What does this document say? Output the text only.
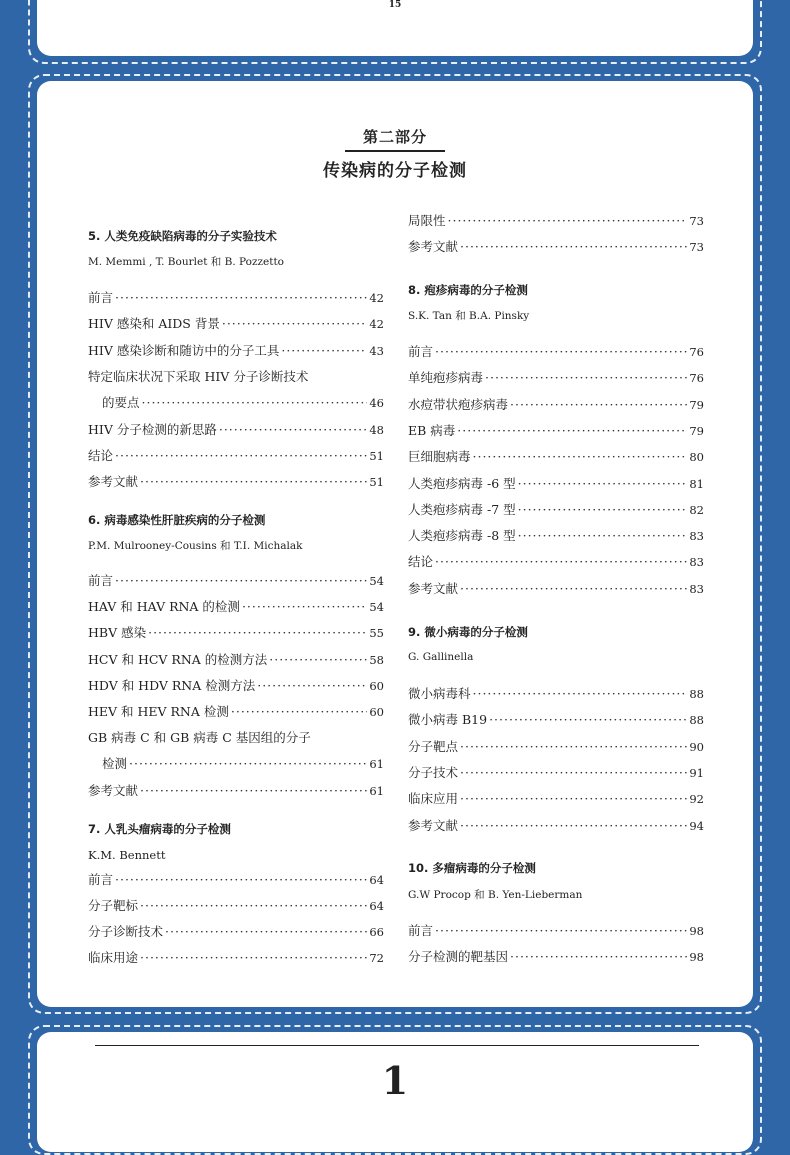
15
第二部分
传染病的分子检测
5. 人类免疫缺陷病毒的分子实验技术
M. Memmi , T. Bourlet 和 B. Pozzetto
前言 ·····	42
HIV 感染和 AIDS 背景 ·····	42
HIV 感染诊断和随访中的分子工具 ·····	43
特定临床状况下采取 HIV 分子诊断技术
的要点 ·····	46
HIV 分子检测的新思路 ·····	48
结论 ·····	51
参考文献 ·····	51
6. 病毒感染性肝脏疾病的分子检测
P.M. Mulrooney-Cousins 和 T.I. Michalak
前言 ·····	54
HAV 和 HAV RNA 的检测 ·····	54
HBV 感染 ·····	55
HCV 和 HCV RNA 的检测方法 ·····	58
HDV 和 HDV RNA 检测方法 ·····	60
HEV 和 HEV RNA 检测 ·····	60
GB 病毒 C 和 GB 病毒 C 基因组的分子
检测 ·····	61
参考文献 ·····	61
7. 人乳头瘤病毒的分子检测
K.M. Bennett
前言 ·····	64
分子靶标 ·····	64
分子诊断技术 ·····	66
临床用途 ·····	72
局限性 ·····	73
参考文献 ·····	73
8. 疱疹病毒的分子检测
S.K. Tan 和 B.A. Pinsky
前言 ·····	76
单纯疱疹病毒 ·····	76
水痘带状疱疹病毒 ·····	79
EB 病毒 ·····	79
巨细胞病毒 ·····	80
人类疱疹病毒 -6 型 ·····	81
人类疱疹病毒 -7 型 ·····	82
人类疱疹病毒 -8 型 ·····	83
结论 ·····	83
参考文献 ·····	83
9. 微小病毒的分子检测
G. Gallinella
微小病毒科 ·····	88
微小病毒 B19 ·····	88
分子靶点 ·····	90
分子技术 ·····	91
临床应用 ·····	92
参考文献 ·····	94
10. 多瘤病毒的分子检测
G.W Procop 和 B. Yen-Lieberman
前言 ·····	98
分子检测的靶基因 ·····	98
1
